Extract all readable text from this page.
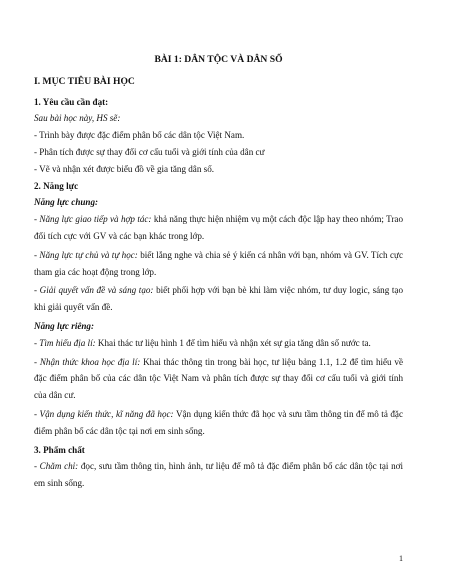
BÀI 1: DÂN TỘC VÀ DÂN SỐ
I. MỤC TIÊU BÀI HỌC
1. Yêu cầu cần đạt:
Sau bài học này, HS sẽ:
- Trình bày được đặc điểm phân bố các dân tộc Việt Nam.
- Phân tích được sự thay đổi cơ cấu tuổi và giới tính của dân cư
- Vẽ và nhận xét được biểu đồ về gia tăng dân số.
2. Năng lực
Năng lực chung:
- Năng lực giao tiếp và hợp tác: khả năng thực hiện nhiệm vụ một cách độc lập hay theo nhóm; Trao đổi tích cực với GV và các bạn khác trong lớp.
- Năng lực tự chủ và tự học: biết lắng nghe và chia sẻ ý kiến cá nhân với bạn, nhóm và GV. Tích cực tham gia các hoạt động trong lớp.
- Giải quyết vấn đề và sáng tạo: biết phối hợp với bạn bè khi làm việc nhóm, tư duy logic, sáng tạo khi giải quyết vấn đề.
Năng lực riêng:
- Tìm hiểu địa lí: Khai thác tư liệu hình 1 để tìm hiểu và nhận xét sự gia tăng dân số nước ta.
- Nhận thức khoa học địa lí: Khai thác thông tin trong bài học, tư liệu bảng 1.1, 1.2 để tìm hiểu về đặc điểm phân bố của các dân tộc Việt Nam và phân tích được sự thay đổi cơ cấu tuổi và giới tính của dân cư.
- Vận dụng kiến thức, kĩ năng đã học: Vận dụng kiến thức đã học và sưu tầm thông tin để mô tả đặc điểm phân bố các dân tộc tại nơi em sinh sống.
3. Phẩm chất
- Chăm chỉ: đọc, sưu tầm thông tin, hình ảnh, tư liệu để mô tả đặc điểm phân bố các dân tộc tại nơi em sinh sống.
1
